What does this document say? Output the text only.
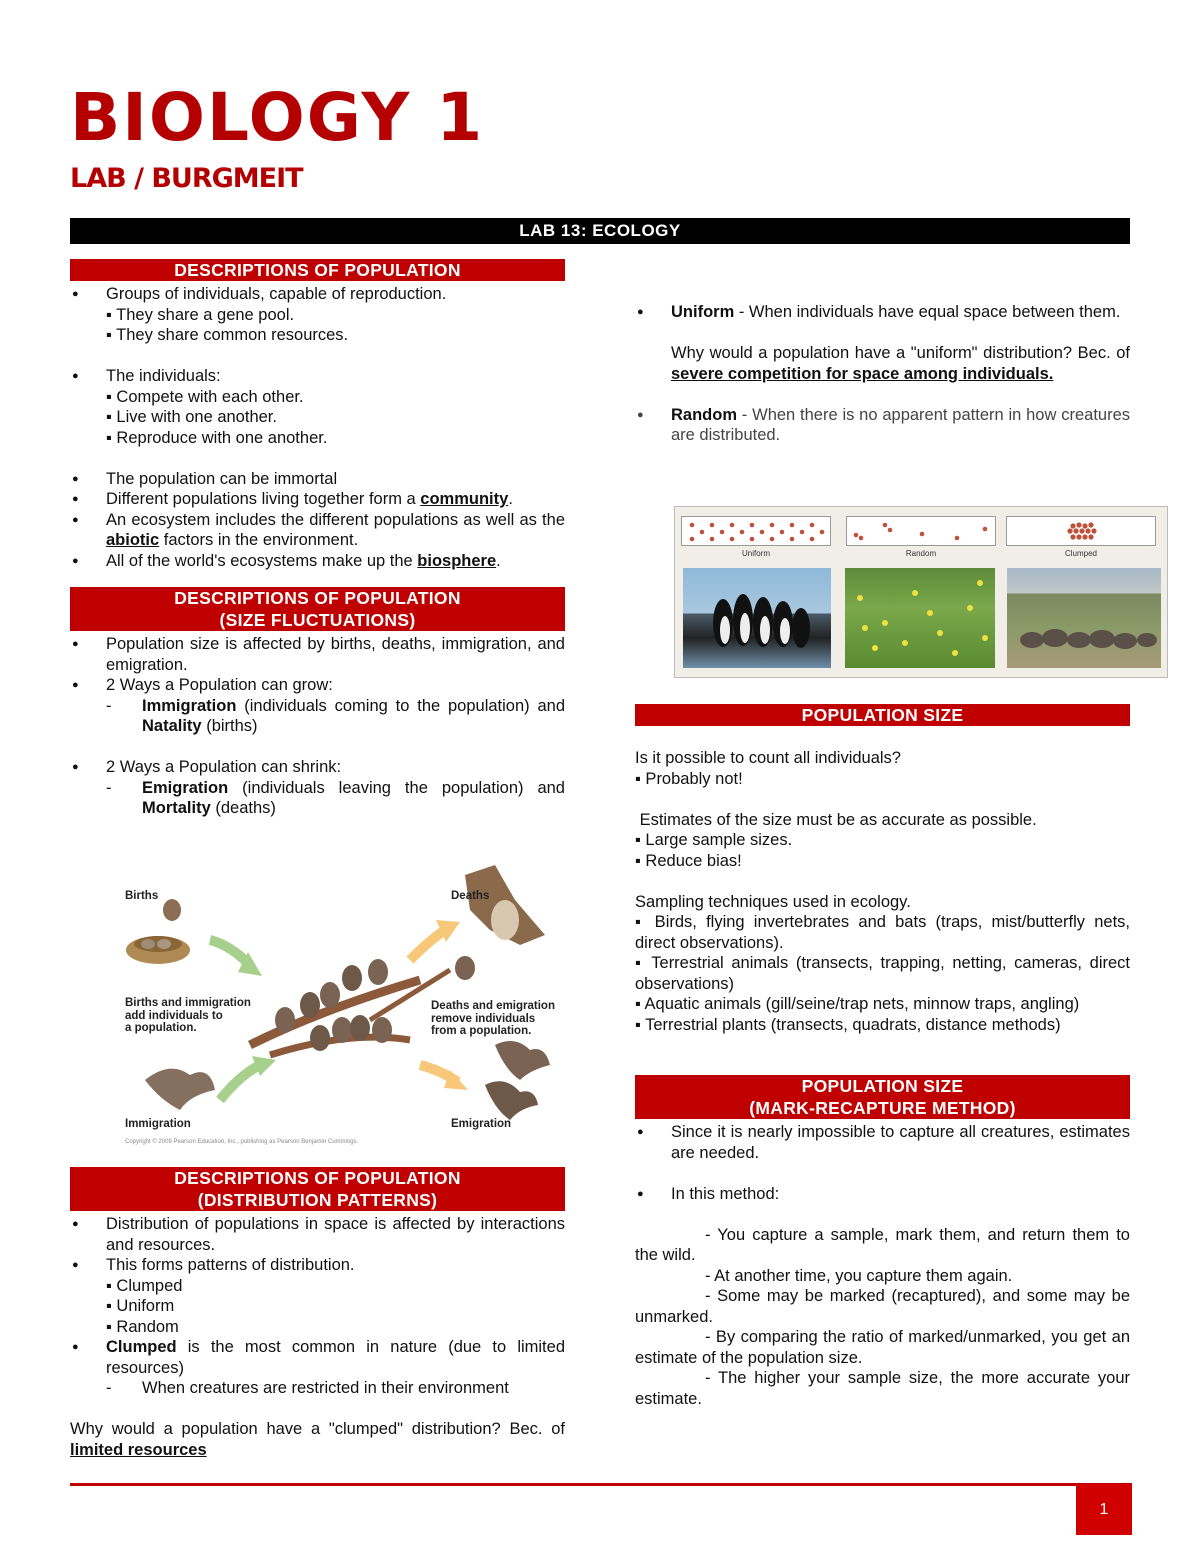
BIOLOGY 1
LAB / BURGMEIT
LAB 13: ECOLOGY
DESCRIPTIONS OF POPULATION
● Groups of individuals, capable of reproduction.
▪ They share a gene pool.
▪ They share common resources.
● The individuals:
▪ Compete with each other.
▪ Live with one another.
▪ Reproduce with one another.
● The population can be immortal
● Different populations living together form a community.
● An ecosystem includes the different populations as well as the abiotic factors in the environment.
● All of the world's ecosystems make up the biosphere.
DESCRIPTIONS OF POPULATION
(SIZE FLUCTUATIONS)
● Population size is affected by births, deaths, immigration, and emigration.
● 2 Ways a Population can grow:
- Immigration (individuals coming to the population) and Natality (births)
● 2 Ways a Population can shrink:
- Emigration (individuals leaving the population) and Mortality (deaths)
Births	Deaths
Births and immigration
add individuals to
a population.
Deaths and emigration
remove individuals
from a population.
Immigration	Emigration
Copyright © 2009 Pearson Education, Inc., publishing as Pearson Benjamin Cummings.
DESCRIPTIONS OF POPULATION
(DISTRIBUTION PATTERNS)
● Distribution of populations in space is affected by interactions and resources.
● This forms patterns of distribution.
▪ Clumped
▪ Uniform
▪ Random
● Clumped is the most common in nature (due to limited resources)
- When creatures are restricted in their environment
Why would a population have a "clumped" distribution? Bec. of limited resources
● Uniform - When individuals have equal space between them.
Why would a population have a "uniform" distribution? Bec. of severe competition for space among individuals.
● Random - When there is no apparent pattern in how creatures are distributed.
Uniform	Random	Clumped
POPULATION SIZE
Is it possible to count all individuals?
▪ Probably not!
Estimates of the size must be as accurate as possible.
▪ Large sample sizes.
▪ Reduce bias!
Sampling techniques used in ecology.
▪ Birds, flying invertebrates and bats (traps, mist/butterfly nets, direct observations).
▪ Terrestrial animals (transects, trapping, netting, cameras, direct observations)
▪ Aquatic animals (gill/seine/trap nets, minnow traps, angling)
▪ Terrestrial plants (transects, quadrats, distance methods)
POPULATION SIZE
(MARK-RECAPTURE METHOD)
● Since it is nearly impossible to capture all creatures, estimates are needed.
● In this method:
- You capture a sample, mark them, and return them to the wild.
- At another time, you capture them again.
- Some may be marked (recaptured), and some may be unmarked.
- By comparing the ratio of marked/unmarked, you get an estimate of the population size.
- The higher your sample size, the more accurate your estimate.
1
